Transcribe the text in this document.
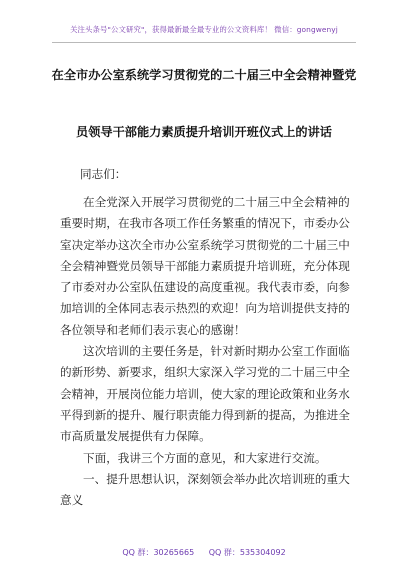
关注头条号"公文研究"，获得最新最全最专业的公文资料库！ 微信：gongwenyj
在全市办公室系统学习贯彻党的二十届三中全会精神暨党
员领导干部能力素质提升培训开班仪式上的讲话
同志们：
在全党深入开展学习贯彻党的二十届三中全会精神的
重要时期，在我市各项工作任务繁重的情况下，市委办公
室决定举办这次全市办公室系统学习贯彻党的二十届三中
全会精神暨党员领导干部能力素质提升培训班，充分体现
了市委对办公室队伍建设的高度重视。我代表市委，向参
加培训的全体同志表示热烈的欢迎！向为培训提供支持的
各位领导和老师们表示衷心的感谢！
这次培训的主要任务是，针对新时期办公室工作面临
的新形势、新要求，组织大家深入学习党的二十届三中全
会精神，开展岗位能力培训，使大家的理论政策和业务水
平得到新的提升、履行职责能力得到新的提高，为推进全
市高质量发展提供有力保障。
下面，我讲三个方面的意见，和大家进行交流。
一、提升思想认识，深刻领会举办此次培训班的重大
意义
QQ 群：30265665 QQ 群：535304092
